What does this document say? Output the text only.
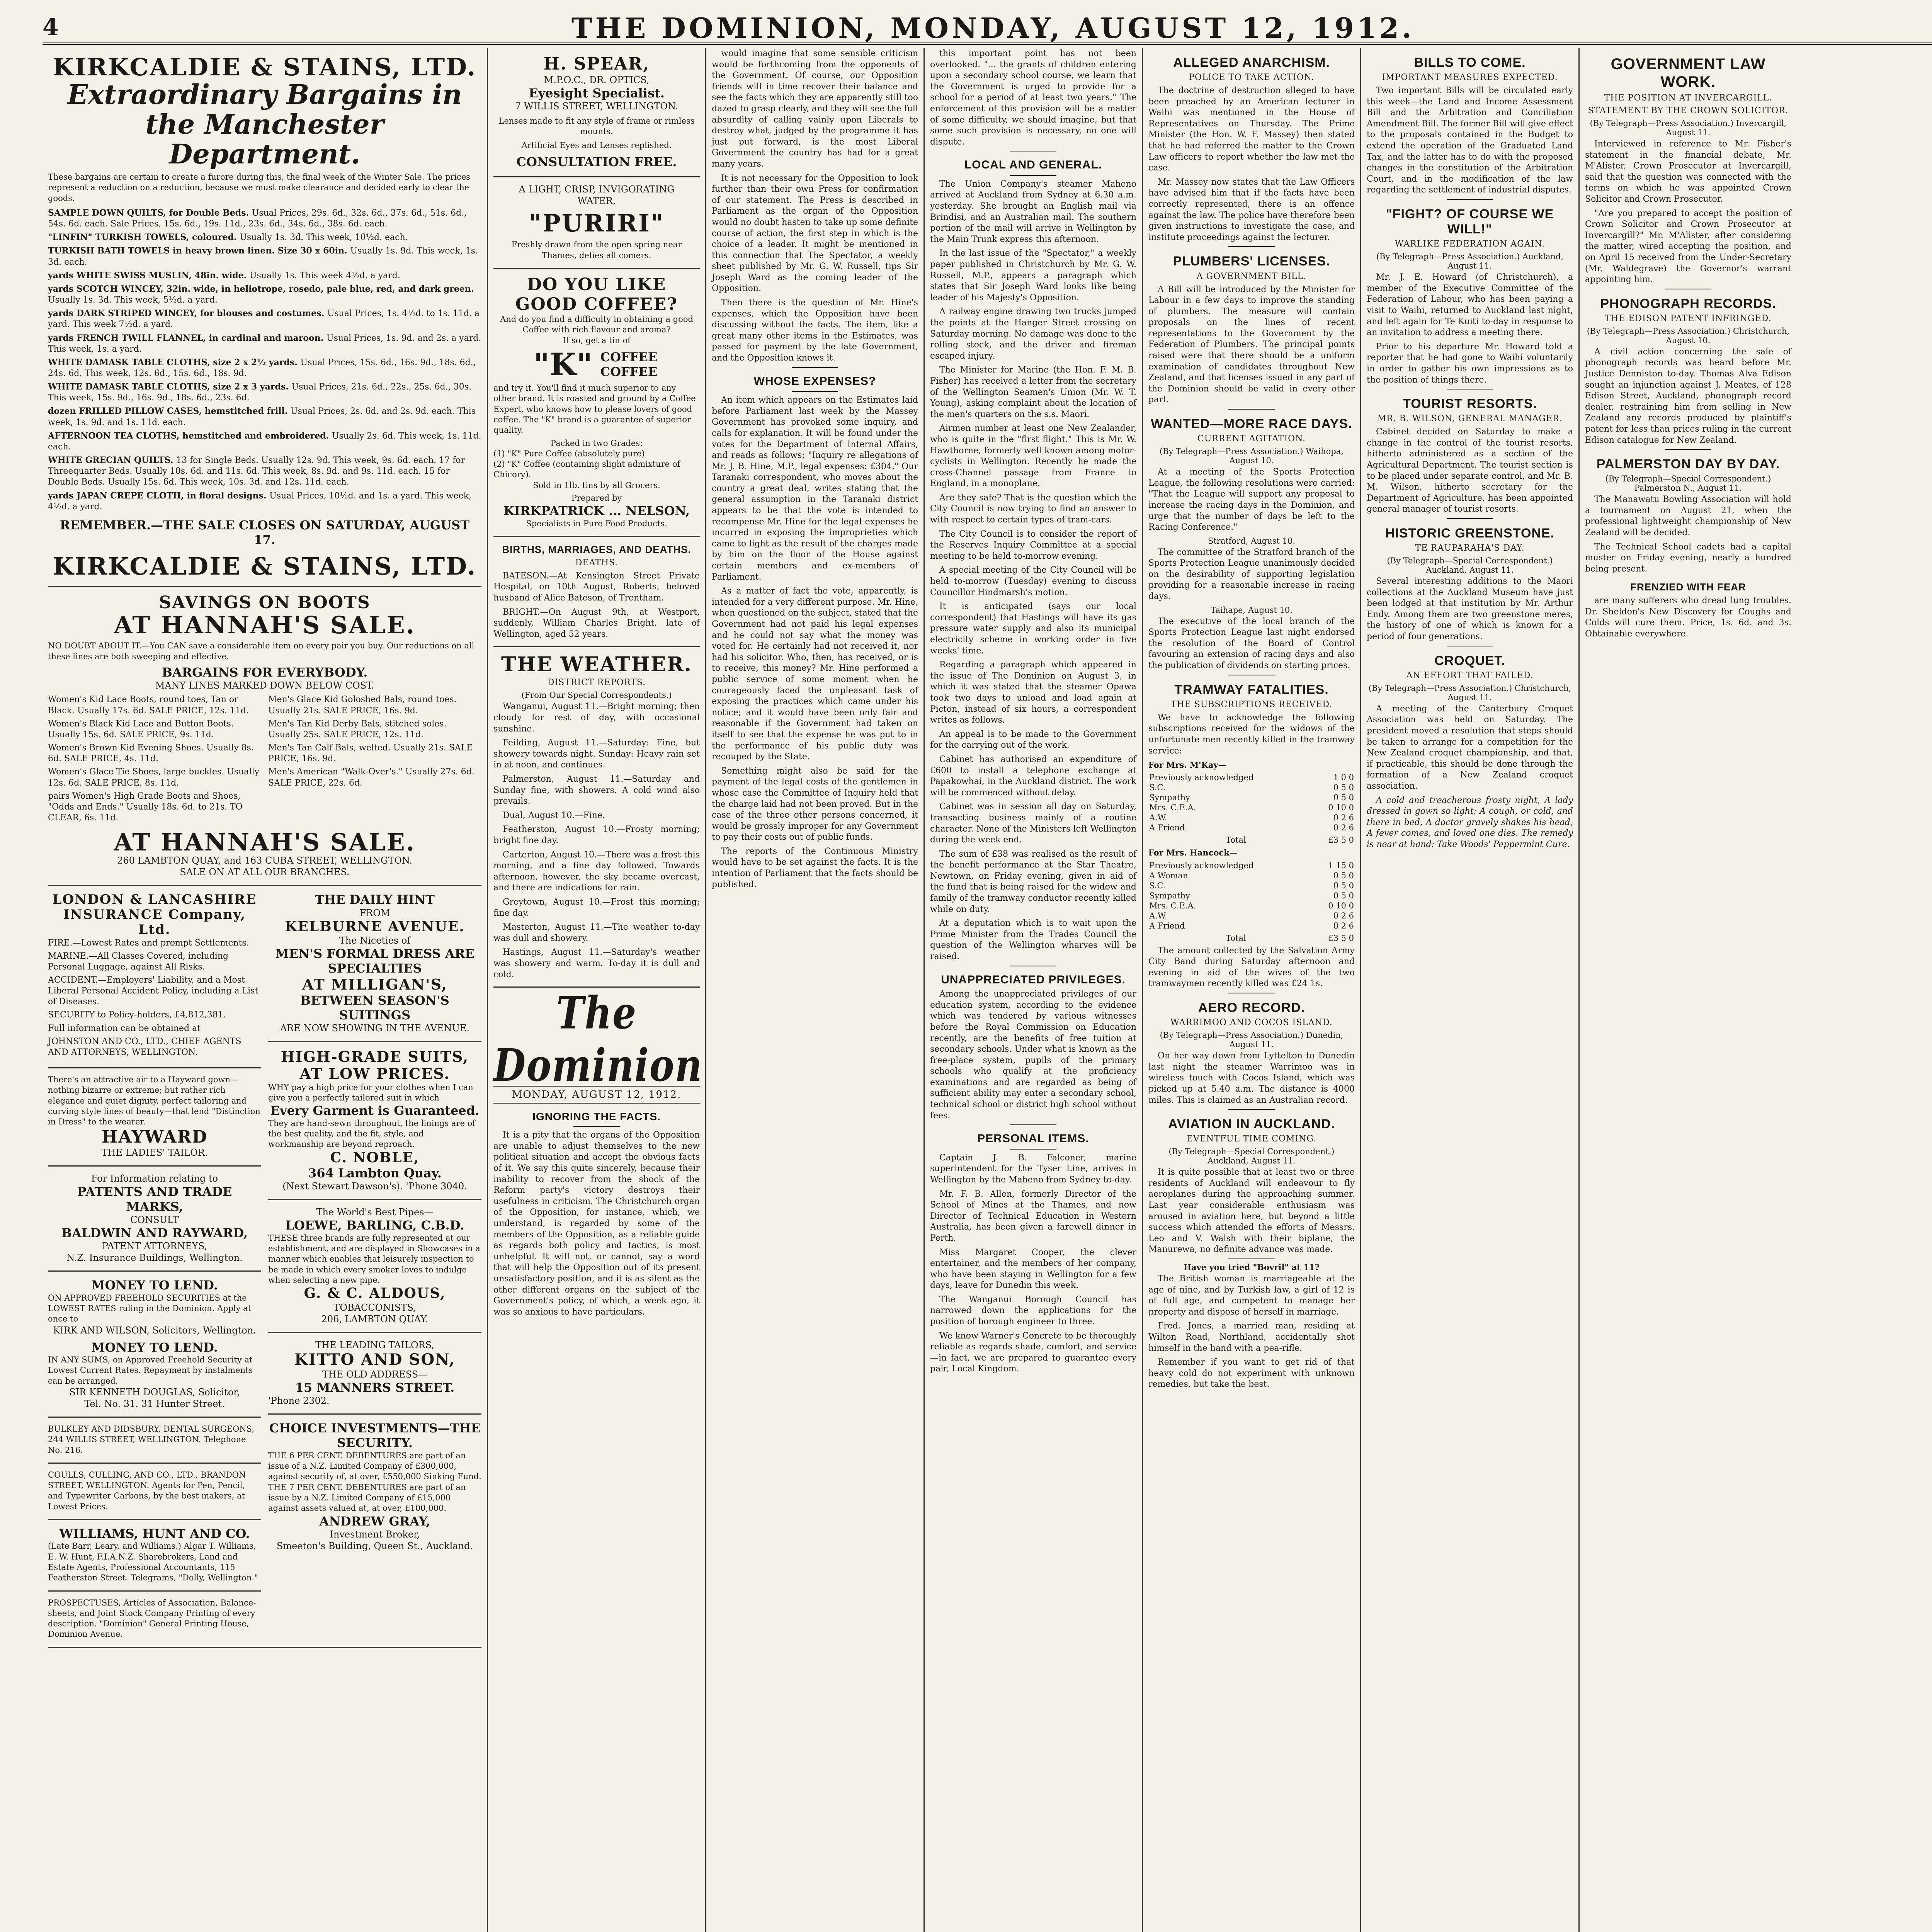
4	THE DOMINION, MONDAY, AUGUST 12, 1912.
KIRKCALDIE & STAINS, LTD.
Extraordinary Bargains in the Manchester Department.
These bargains are certain to create a furore during this, the final week of the Winter Sale. The prices represent a reduction on a reduction, because we must make clearance and decided early to clear the goods.
SAMPLE DOWN QUILTS, for Double Beds. Usual Prices, 29s. 6d., 32s. 6d., 37s. 6d., 51s. 6d., 54s. 6d. each. Sale Prices, 15s. 6d., 19s. 11d., 23s. 6d., 34s. 6d., 38s. 6d. each.
"LINFIN" TURKISH TOWELS, coloured. Usually 1s. 3d. This week, 10½d. each.
TURKISH BATH TOWELS in heavy brown linen. Size 30 x 60in. Usually 1s. 9d. This week, 1s. 3d. each.
yards WHITE SWISS MUSLIN, 48in. wide. Usually 1s. This week 4½d. a yard.
yards SCOTCH WINCEY, 32in. wide, in heliotrope, rosedo, pale blue, red, and dark green. Usually 1s. 3d. This week, 5½d. a yard.
yards DARK STRIPED WINCEY, for blouses and costumes. Usual Prices, 1s. 4½d. to 1s. 11d. a yard. This week 7½d. a yard.
yards FRENCH TWILL FLANNEL, in cardinal and maroon. Usual Prices, 1s. 9d. and 2s. a yard. This week, 1s. a yard.
WHITE DAMASK TABLE CLOTHS, size 2 x 2½ yards. Usual Prices, 15s. 6d., 16s. 9d., 18s. 6d., 24s. 6d. This week, 12s. 6d., 15s. 6d., 18s. 9d.
WHITE DAMASK TABLE CLOTHS, size 2 x 3 yards. Usual Prices, 21s. 6d., 22s., 25s. 6d., 30s. This week, 15s. 9d., 16s. 9d., 18s. 6d., 23s. 6d.
dozen FRILLED PILLOW CASES, hemstitched frill. Usual Prices, 2s. 6d. and 2s. 9d. each. This week, 1s. 9d. and 1s. 11d. each.
AFTERNOON TEA CLOTHS, hemstitched and embroidered. Usually 2s. 6d. This week, 1s. 11d. each.
WHITE GRECIAN QUILTS. 13 for Single Beds. Usually 12s. 9d. This week, 9s. 6d. each. 17 for Threequarter Beds. Usually 10s. 6d. and 11s. 6d. This week, 8s. 9d. and 9s. 11d. each. 15 for Double Beds. Usually 15s. 6d. This week, 10s. 3d. and 12s. 11d. each.
yards JAPAN CREPE CLOTH, in floral designs. Usual Prices, 10½d. and 1s. a yard. This week, 4½d. a yard.
REMEMBER.—THE SALE CLOSES ON SATURDAY, AUGUST 17.
KIRKCALDIE & STAINS, LTD.
SAVINGS ON BOOTS
AT HANNAH'S SALE.
NO DOUBT ABOUT IT.—You CAN save a considerable item on every pair you buy. Our reductions on all these lines are both sweeping and effective.
BARGAINS FOR EVERYBODY.
MANY LINES MARKED DOWN BELOW COST.
Women's Kid Lace Boots, round toes, Tan or Black. Usually 17s. 6d. SALE PRICE, 12s. 11d.
Women's Black Kid Lace and Button Boots. Usually 15s. 6d. SALE PRICE, 9s. 11d.
Women's Brown Kid Evening Shoes. Usually 8s. 6d. SALE PRICE, 4s. 11d.
Women's Glace Tie Shoes, large buckles. Usually 12s. 6d. SALE PRICE, 8s. 11d.
pairs Women's High Grade Boots and Shoes, "Odds and Ends." Usually 18s. 6d. to 21s. TO CLEAR, 6s. 11d.
Men's Glace Kid Goloshed Bals, round toes. Usually 21s. SALE PRICE, 16s. 9d.
Men's Tan Kid Derby Bals, stitched soles. Usually 25s. SALE PRICE, 12s. 11d.
Men's Tan Calf Bals, welted. Usually 21s. SALE PRICE, 16s. 9d.
Men's American "Walk-Over's." Usually 27s. 6d. SALE PRICE, 22s. 6d.
AT HANNAH'S SALE.
260 LAMBTON QUAY, and 163 CUBA STREET, WELLINGTON.
SALE ON AT ALL OUR BRANCHES.
LONDON & LANCASHIRE INSURANCE Company, Ltd.
FIRE.—Lowest Rates and prompt Settlements.
MARINE.—All Classes Covered, including Personal Luggage, against All Risks.
ACCIDENT.—Employers' Liability, and a Most Liberal Personal Accident Policy, including a List of Diseases.
SECURITY to Policy-holders, £4,812,381.
Full information can be obtained at
JOHNSTON AND CO., LTD., CHIEF AGENTS AND ATTORNEYS, WELLINGTON.
There's an attractive air to a Hayward gown—nothing bizarre or extreme; but rather rich elegance and quiet dignity, perfect tailoring and curving style lines of beauty—that lend "Distinction in Dress" to the wearer.
HAYWARD
THE LADIES' TAILOR.
For Information relating to
PATENTS AND TRADE MARKS,
CONSULT
BALDWIN AND RAYWARD,
PATENT ATTORNEYS,
N.Z. Insurance Buildings, Wellington.
MONEY TO LEND.
ON APPROVED FREEHOLD SECURITIES at the LOWEST RATES ruling in the Dominion. Apply at once to
KIRK AND WILSON, Solicitors, Wellington.
MONEY TO LEND.
IN ANY SUMS, on Approved Freehold Security at Lowest Current Rates. Repayment by instalments can be arranged.
SIR KENNETH DOUGLAS, Solicitor,
Tel. No. 31. 31 Hunter Street.
BULKLEY AND DIDSBURY, DENTAL SURGEONS, 244 WILLIS STREET, WELLINGTON. Telephone No. 216.
COULLS, CULLING, AND CO., LTD., BRANDON STREET, WELLINGTON. Agents for Pen, Pencil, and Typewriter Carbons, by the best makers, at Lowest Prices.
WILLIAMS, HUNT AND CO.
(Late Barr, Leary, and Williams.) Algar T. Williams, E. W. Hunt, F.I.A.N.Z. Sharebrokers, Land and Estate Agents, Professional Accountants, 115 Featherston Street. Telegrams, "Dolly, Wellington."
PROSPECTUSES, Articles of Association, Balance-sheets, and Joint Stock Company Printing of every description. "Dominion" General Printing House, Dominion Avenue.
THE DAILY HINT
FROM
KELBURNE AVENUE.
The Niceties of
MEN'S FORMAL DRESS ARE SPECIALTIES
AT MILLIGAN'S,
BETWEEN SEASON'S SUITINGS
ARE NOW SHOWING IN THE AVENUE.
HIGH-GRADE SUITS, AT LOW PRICES.
WHY pay a high price for your clothes when I can give you a perfectly tailored suit in which
Every Garment is Guaranteed.
They are hand-sewn throughout, the linings are of the best quality, and the fit, style, and workmanship are beyond reproach.
C. NOBLE,
364 Lambton Quay.
(Next Stewart Dawson's). 'Phone 3040.
The World's Best Pipes—
LOEWE, BARLING, C.B.D.
THESE three brands are fully represented at our establishment, and are displayed in Showcases in a manner which enables that leisurely inspection to be made in which every smoker loves to indulge when selecting a new pipe.
G. & C. ALDOUS,
TOBACCONISTS,
206, LAMBTON QUAY.
THE LEADING TAILORS,
KITTO AND SON,
THE OLD ADDRESS—
15 MANNERS STREET.
'Phone 2302.
CHOICE INVESTMENTS—THE SECURITY.
THE 6 PER CENT. DEBENTURES are part of an issue of a N.Z. Limited Company of £300,000, against security of, at over, £550,000 Sinking Fund. THE 7 PER CENT. DEBENTURES are part of an issue by a N.Z. Limited Company of £15,000 against assets valued at, at over, £100,000.
ANDREW GRAY,
Investment Broker,
Smeeton's Building, Queen St., Auckland.
H. SPEAR,
M.P.O.C., DR. OPTICS,
Eyesight Specialist.
7 WILLIS STREET, WELLINGTON.
Lenses made to fit any style of frame or rimless mounts.
Artificial Eyes and Lenses replished.
CONSULTATION FREE.
A LIGHT, CRISP, INVIGORATING
WATER,
"PURIRI"
Freshly drawn from the open spring near Thames, defies all comers.
DO YOU LIKE GOOD COFFEE?
And do you find a difficulty in obtaining a good Coffee with rich flavour and aroma?
If so, get a tin of
"K" COFFEE COFFEE
and try it. You'll find it much superior to any other brand. It is roasted and ground by a Coffee Expert, who knows how to please lovers of good coffee. The "K" brand is a guarantee of superior quality.
Packed in two Grades:
(1) "K" Pure Coffee (absolutely pure)
(2) "K" Coffee (containing slight admixture of Chicory).
Sold in 1lb. tins by all Grocers.
Prepared by
KIRKPATRICK ... NELSON,
Specialists in Pure Food Products.
BIRTHS, MARRIAGES, AND DEATHS.
DEATHS.

BATESON.—At Kensington Street Private Hospital, on 10th August, Roberts, beloved husband of Alice Bateson, of Trentham.

BRIGHT.—On August 9th, at Westport, suddenly, William Charles Bright, late of Wellington, aged 52 years.

THE WEATHER.
DISTRICT REPORTS.
(From Our Special Correspondents.)

Wanganui, August 11.—Bright morning; then cloudy for rest of day, with occasional sunshine.

Feilding, August 11.—Saturday: Fine, but showery towards night. Sunday: Heavy rain set in at noon, and continues.

Palmerston, August 11.—Saturday and Sunday fine, with showers. A cold wind also prevails.

Dual, August 10.—Fine.

Featherston, August 10.—Frosty morning; bright fine day.

Carterton, August 10.—There was a frost this morning, and a fine day followed. Towards afternoon, however, the sky became overcast, and there are indications for rain.

Greytown, August 10.—Frost this morning; fine day.

Masterton, August 11.—The weather to-day was dull and showery.

Hastings, August 11.—Saturday's weather was showery and warm. To-day it is dull and cold.

The Dominion
MONDAY, AUGUST 12, 1912.
IGNORING THE FACTS.

It is a pity that the organs of the Opposition are unable to adjust themselves to the new political situation and accept the obvious facts of it. We say this quite sincerely, because their inability to recover from the shock of the Reform party's victory destroys their usefulness in criticism. The Christchurch organ of the Opposition, for instance, which, we understand, is regarded by some of the members of the Opposition, as a reliable guide as regards both policy and tactics, is most unhelpful. It will not, or cannot, say a word that will help the Opposition out of its present unsatisfactory position, and it is as silent as the other different organs on the subject of the Government's policy, of which, a week ago, it was so anxious to have particulars.

would imagine that some sensible criticism would be forthcoming from the opponents of the Government. Of course, our Opposition friends will in time recover their balance and see the facts which they are apparently still too dazed to grasp clearly, and they will see the full absurdity of calling vainly upon Liberals to destroy what, judged by the programme it has just put forward, is the most Liberal Government the country has had for a great many years.

It is not necessary for the Opposition to look further than their own Press for confirmation of our statement. The Press is described in Parliament as the organ of the Opposition would no doubt hasten to take up some definite course of action, the first step in which is the choice of a leader. It might be mentioned in this connection that The Spectator, a weekly sheet published by Mr. G. W. Russell, tips Sir Joseph Ward as the coming leader of the Opposition.

Then there is the question of Mr. Hine's expenses, which the Opposition have been discussing without the facts. The item, like a great many other items in the Estimates, was passed for payment by the late Government, and the Opposition knows it.

WHOSE EXPENSES?

An item which appears on the Estimates laid before Parliament last week by the Massey Government has provoked some inquiry, and calls for explanation. It will be found under the votes for the Department of Internal Affairs, and reads as follows: "Inquiry re allegations of Mr. J. B. Hine, M.P., legal expenses: £304." Our Taranaki correspondent, who moves about the country a great deal, writes stating that the general assumption in the Taranaki district appears to be that the vote is intended to recompense Mr. Hine for the legal expenses he incurred in exposing the improprieties which came to light as the result of the charges made by him on the floor of the House against certain members and ex-members of Parliament.

As a matter of fact the vote, apparently, is intended for a very different purpose. Mr. Hine, when questioned on the subject, stated that the Government had not paid his legal expenses and he could not say what the money was voted for. He certainly had not received it, nor had his solicitor. Who, then, has received, or is to receive, this money? Mr. Hine performed a public service of some moment when he courageously faced the unpleasant task of exposing the practices which came under his notice; and it would have been only fair and reasonable if the Government had taken on itself to see that the expense he was put to in the performance of his public duty was recouped by the State.

Something might also be said for the payment of the legal costs of the gentlemen in whose case the Committee of Inquiry held that the charge laid had not been proved. But in the case of the three other persons concerned, it would be grossly improper for any Government to pay their costs out of public funds.

The reports of the Continuous Ministry would have to be set against the facts. It is the intention of Parliament that the facts should be published.

this important point has not been overlooked. "... the grants of children entering upon a secondary school course, we learn that the Government is urged to provide for a school for a period of at least two years." The enforcement of this provision will be a matter of some difficulty, we should imagine, but that some such provision is necessary, no one will dispute.

LOCAL AND GENERAL.

The Union Company's steamer Maheno arrived at Auckland from Sydney at 6.30 a.m. yesterday. She brought an English mail via Brindisi, and an Australian mail. The southern portion of the mail will arrive in Wellington by the Main Trunk express this afternoon.

In the last issue of the "Spectator," a weekly paper published in Christchurch by Mr. G. W. Russell, M.P., appears a paragraph which states that Sir Joseph Ward looks like being leader of his Majesty's Opposition.

A railway engine drawing two trucks jumped the points at the Hanger Street crossing on Saturday morning. No damage was done to the rolling stock, and the driver and fireman escaped injury.

The Minister for Marine (the Hon. F. M. B. Fisher) has received a letter from the secretary of the Wellington Seamen's Union (Mr. W. T. Young), asking complaint about the location of the men's quarters on the s.s. Maori.

Airmen number at least one New Zealander, who is quite in the "first flight." This is Mr. W. Hawthorne, formerly well known among motor-cyclists in Wellington. Recently he made the cross-Channel passage from France to England, in a monoplane.

Are they safe? That is the question which the City Council is now trying to find an answer to with respect to certain types of tram-cars.

The City Council is to consider the report of the Reserves Inquiry Committee at a special meeting to be held to-morrow evening.

A special meeting of the City Council will be held to-morrow (Tuesday) evening to discuss Councillor Hindmarsh's motion.

It is anticipated (says our local correspondent) that Hastings will have its gas pressure water supply and also its municipal electricity scheme in working order in five weeks' time.

Regarding a paragraph which appeared in the issue of The Dominion on August 3, in which it was stated that the steamer Opawa took two days to unload and load again at Picton, instead of six hours, a correspondent writes as follows.

An appeal is to be made to the Government for the carrying out of the work.

Cabinet has authorised an expenditure of £600 to install a telephone exchange at Papakowhai, in the Auckland district. The work will be commenced without delay.

Cabinet was in session all day on Saturday, transacting business mainly of a routine character. None of the Ministers left Wellington during the week end.

The sum of £38 was realised as the result of the benefit performance at the Star Theatre, Newtown, on Friday evening, given in aid of the fund that is being raised for the widow and family of the tramway conductor recently killed while on duty.

At a deputation which is to wait upon the Prime Minister from the Trades Council the question of the Wellington wharves will be raised.

UNAPPRECIATED PRIVILEGES.

Among the unappreciated privileges of our education system, according to the evidence which was tendered by various witnesses before the Royal Commission on Education recently, are the benefits of free tuition at secondary schools. Under what is known as the free-place system, pupils of the primary schools who qualify at the proficiency examinations and are regarded as being of sufficient ability may enter a secondary school, technical school or district high school without fees.

PERSONAL ITEMS.

Captain J. B. Falconer, marine superintendent for the Tyser Line, arrives in Wellington by the Maheno from Sydney to-day.

Mr. F. B. Allen, formerly Director of the School of Mines at the Thames, and now Director of Technical Education in Western Australia, has been given a farewell dinner in Perth.

Miss Margaret Cooper, the clever entertainer, and the members of her company, who have been staying in Wellington for a few days, leave for Dunedin this week.

The Wanganui Borough Council has narrowed down the applications for the position of borough engineer to three.

We know Warner's Concrete to be thoroughly reliable as regards shade, comfort, and service—in fact, we are prepared to guarantee every pair, Local Kingdom.

ALLEGED ANARCHISM.
POLICE TO TAKE ACTION.

The doctrine of destruction alleged to have been preached by an American lecturer in Waihi was mentioned in the House of Representatives on Thursday. The Prime Minister (the Hon. W. F. Massey) then stated that he had referred the matter to the Crown Law officers to report whether the law met the case.

Mr. Massey now states that the Law Officers have advised him that if the facts have been correctly represented, there is an offence against the law. The police have therefore been given instructions to investigate the case, and institute proceedings against the lecturer.

PLUMBERS' LICENSES.
A GOVERNMENT BILL.

A Bill will be introduced by the Minister for Labour in a few days to improve the standing of plumbers. The measure will contain proposals on the lines of recent representations to the Government by the Federation of Plumbers. The principal points raised were that there should be a uniform examination of candidates throughout New Zealand, and that licenses issued in any part of the Dominion should be valid in every other part.

WANTED—MORE RACE DAYS.
CURRENT AGITATION.
(By Telegraph—Press Association.) Waihopa, August 10.

At a meeting of the Sports Protection League, the following resolutions were carried: "That the League will support any proposal to increase the racing days in the Dominion, and urge that the number of days be left to the Racing Conference."

Stratford, August 10.

The committee of the Stratford branch of the Sports Protection League unanimously decided on the desirability of supporting legislation providing for a reasonable increase in racing days.

Taihape, August 10.

The executive of the local branch of the Sports Protection League last night endorsed the resolution of the Board of Control favouring an extension of racing days and also the publication of dividends on starting prices.

TRAMWAY FATALITIES.
THE SUBSCRIPTIONS RECEIVED.

We have to acknowledge the following subscriptions received for the widows of the unfortunate men recently killed in the tramway service:

For Mrs. M'Kay—
Previously acknowledged	1 0 0
S.C.	0 5 0
Sympathy	0 5 0
Mrs. C.E.A.	0 10 0
A.W.	0 2 6
A Friend	0 2 6
Total	£3 5 0
For Mrs. Hancock—
Previously acknowledged	1 15 0
A Woman	0 5 0
S.C.	0 5 0
Sympathy	0 5 0
Mrs. C.E.A.	0 10 0
A.W.	0 2 6
A Friend	0 2 6
Total	£3 5 0

The amount collected by the Salvation Army City Band during Saturday afternoon and evening in aid of the wives of the two tramwaymen recently killed was £24 1s.

AERO RECORD.
WARRIMOO AND COCOS ISLAND.
(By Telegraph—Press Association.) Dunedin, August 11.

On her way down from Lyttelton to Dunedin last night the steamer Warrimoo was in wireless touch with Cocos Island, which was picked up at 5.40 a.m. The distance is 4000 miles. This is claimed as an Australian record.

AVIATION IN AUCKLAND.
EVENTFUL TIME COMING.
(By Telegraph—Special Correspondent.) Auckland, August 11.

It is quite possible that at least two or three residents of Auckland will endeavour to fly aeroplanes during the approaching summer. Last year considerable enthusiasm was aroused in aviation here, but beyond a little success which attended the efforts of Messrs. Leo and V. Walsh with their biplane, the Manurewa, no definite advance was made.

Have you tried "Bovril" at 11?

The British woman is marriageable at the age of nine, and by Turkish law, a girl of 12 is of full age, and competent to manage her property and dispose of herself in marriage.

Fred. Jones, a married man, residing at Wilton Road, Northland, accidentally shot himself in the hand with a pea-rifle.

Remember if you want to get rid of that heavy cold do not experiment with unknown remedies, but take the best.

BILLS TO COME.
IMPORTANT MEASURES EXPECTED.

Two important Bills will be circulated early this week—the Land and Income Assessment Bill and the Arbitration and Conciliation Amendment Bill. The former Bill will give effect to the proposals contained in the Budget to extend the operation of the Graduated Land Tax, and the latter has to do with the proposed changes in the constitution of the Arbitration Court, and in the modification of the law regarding the settlement of industrial disputes.

"FIGHT? OF COURSE WE WILL!"
WARLIKE FEDERATION AGAIN.
(By Telegraph—Press Association.) Auckland, August 11.

Mr. J. E. Howard (of Christchurch), a member of the Executive Committee of the Federation of Labour, who has been paying a visit to Waihi, returned to Auckland last night, and left again for Te Kuiti to-day in response to an invitation to address a meeting there.

Prior to his departure Mr. Howard told a reporter that he had gone to Waihi voluntarily in order to gather his own impressions as to the position of things there.

TOURIST RESORTS.
MR. B. WILSON, GENERAL MANAGER.

Cabinet decided on Saturday to make a change in the control of the tourist resorts, hitherto administered as a section of the Agricultural Department. The tourist section is to be placed under separate control, and Mr. B. M. Wilson, hitherto secretary for the Department of Agriculture, has been appointed general manager of tourist resorts.

HISTORIC GREENSTONE.
TE RAUPARAHA'S DAY.
(By Telegraph—Special Correspondent.) Auckland, August 11.

Several interesting additions to the Maori collections at the Auckland Museum have just been lodged at that institution by Mr. Arthur Endy. Among them are two greenstone meres, the history of one of which is known for a period of four generations.

CROQUET.
AN EFFORT THAT FAILED.
(By Telegraph—Press Association.) Christchurch, August 11.

A meeting of the Canterbury Croquet Association was held on Saturday. The president moved a resolution that steps should be taken to arrange for a competition for the New Zealand croquet championship, and that, if practicable, this should be done through the formation of a New Zealand croquet association.

A cold and treacherous frosty night, A lady dressed in gown so light; A cough, or cold, and there in bed, A doctor gravely shakes his head, A fever comes, and loved one dies. The remedy is near at hand: Take Woods' Peppermint Cure.

GOVERNMENT LAW WORK.
THE POSITION AT INVERCARGILL.
STATEMENT BY THE CROWN SOLICITOR.
(By Telegraph—Press Association.) Invercargill, August 11.

Interviewed in reference to Mr. Fisher's statement in the financial debate, Mr. M'Alister, Crown Prosecutor at Invercargill, said that the question was connected with the terms on which he was appointed Crown Solicitor and Crown Prosecutor.

"Are you prepared to accept the position of Crown Solicitor and Crown Prosecutor at Invercargill?" Mr. M'Alister, after considering the matter, wired accepting the position, and on April 15 received from the Under-Secretary (Mr. Waldegrave) the Governor's warrant appointing him.

PHONOGRAPH RECORDS.
THE EDISON PATENT INFRINGED.
(By Telegraph—Press Association.) Christchurch, August 10.

A civil action concerning the sale of phonograph records was heard before Mr. Justice Denniston to-day. Thomas Alva Edison sought an injunction against J. Meates, of 128 Edison Street, Auckland, phonograph record dealer, restraining him from selling in New Zealand any records produced by plaintiff's patent for less than prices ruling in the current Edison catalogue for New Zealand.

PALMERSTON DAY BY DAY.
(By Telegraph—Special Correspondent.) Palmerston N., August 11.

The Manawatu Bowling Association will hold a tournament on August 21, when the professional lightweight championship of New Zealand will be decided.

The Technical School cadets had a capital muster on Friday evening, nearly a hundred being present.

FRENZIED WITH FEAR

are many sufferers who dread lung troubles. Dr. Sheldon's New Discovery for Coughs and Colds will cure them. Price, 1s. 6d. and 3s. Obtainable everywhere.
